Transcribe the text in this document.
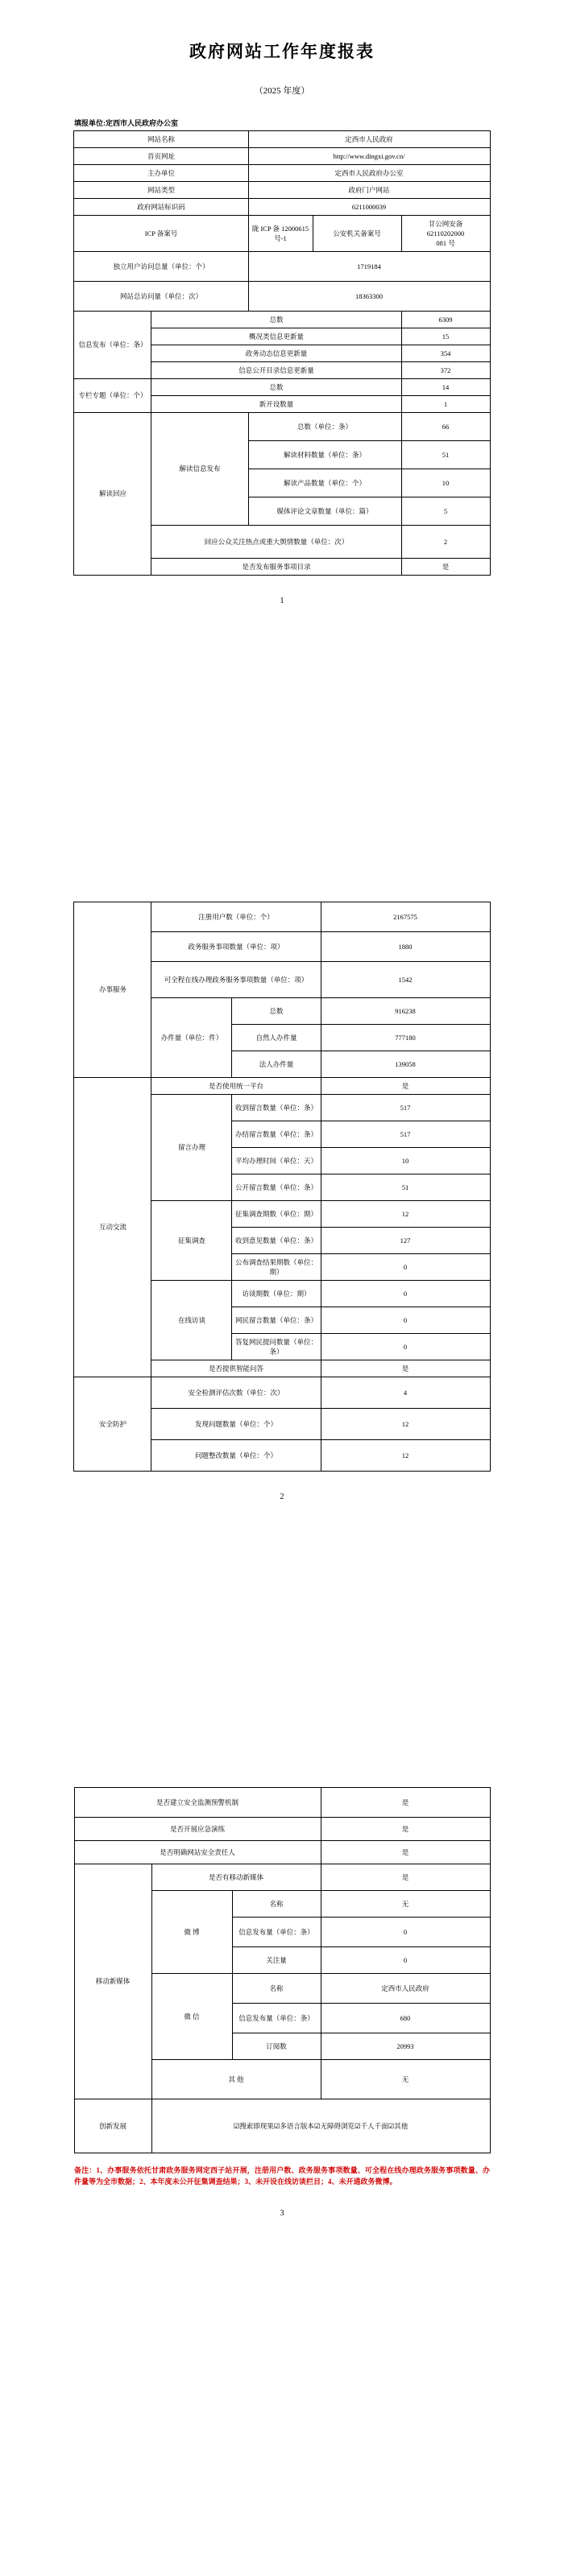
政府网站工作年度报表
（2025 年度）
填报单位:定西市人民政府办公室
网站名称		定西市人民政府		
首页网址		http://www.dingxi.gov.cn/		
主办单位		定西市人民政府办公室		
网站类型		政府门户网站		
政府网站标识码		6211000039		
ICP 备案号		陇 ICP 备 12000615 号-1	公安机关备案号	甘公网安备
62110202000
081 号
独立用户访问总量（单位：个）		1719184		
网站总访问量（单位：次）		18363300		
信息发布（单位：条）	总数			6309
	概况类信息更新量			15
	政务动态信息更新量			354
	信息公开目录信息更新量			372
专栏专题（单位：个）	总数			14
	新开设数量			1
解读回应	解读信息发布	总数（单位：条）		66
		解读材料数量（单位：条）		51
		解读产品数量（单位：个）		10
		媒体评论文章数量（单位：篇）		5
	回应公众关注热点或重大舆情数量（单位：次）			2
	是否发布服务事项目录			是
1
办事服务	注册用户数（单位：个）		2167575
	政务服务事项数量（单位：项）		1880
	可全程在线办理政务服务事项数量（单位：项）		1542
	办件量（单位：件）	总数	916238
		自然人办件量	777180
		法人办件量	139058
互动交流	是否使用统一平台		是
	留言办理	收到留言数量（单位：条）	517
		办结留言数量（单位：条）	517
		平均办理时间（单位：天）	10
		公开留言数量（单位：条）	51
	征集调查	征集调查期数（单位：期）	12
		收到意见数量（单位：条）	127
		公布调查结果期数（单位：期）	0
	在线访谈	访谈期数（单位：期）	0
		网民留言数量（单位：条）	0
		答复网民提问数量（单位：条）	0
	是否提供智能问答		是
安全防护	安全检测评估次数（单位：次）		4
	发现问题数量（单位：个）		12
	问题整改数量（单位：个）		12
2
是否建立安全监测预警机制			是
是否开展应急演练			是
是否明确网站安全责任人			是
移动新媒体	是否有移动新媒体		是
	微 博	名称	无
		信息发布量（单位：条）	0
		关注量	0
	微 信	名称	定西市人民政府
		信息发布量（单位：条）	680
		订阅数	20993
	其 他		无
创新发展	☑搜索即现果☑多语言版本☑无障碍浏览☑千人千面☑其他		
备注：1、办事服务依托甘肃政务服务网定西子站开展，注册用户数、政务服务事项数量、可全程在线办理政务服务事项数量、办件量等为全市数据；2、本年度未公开征集调查结果；3、未开设在线访谈栏目；4、未开通政务微博。
3
